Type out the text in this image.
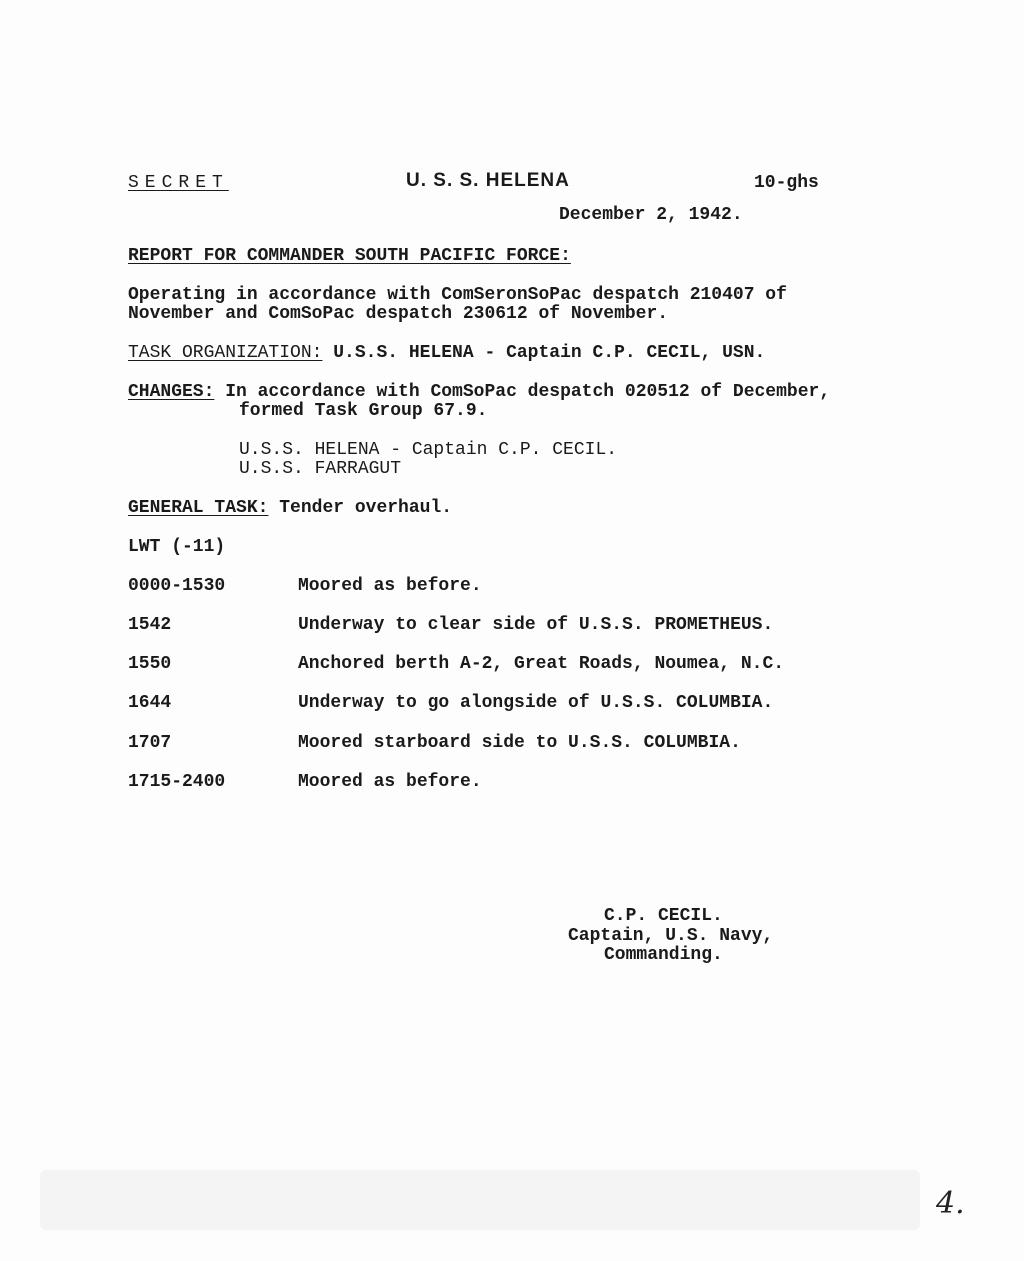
SECRET	U. S. S. HELENA	10-ghs
December 2, 1942.
REPORT FOR COMMANDER SOUTH PACIFIC FORCE:
Operating in accordance with ComSeronSoPac despatch 210407 of
November and ComSoPac despatch 230612 of November.
TASK ORGANIZATION: U.S.S. HELENA - Captain C.P. CECIL, USN.
CHANGES: In accordance with ComSoPac despatch 020512 of December,
formed Task Group 67.9.
U.S.S. HELENA - Captain C.P. CECIL.
U.S.S. FARRAGUT
GENERAL TASK: Tender overhaul.
LWT (-11)
0000-1530	Moored as before.
1542	Underway to clear side of U.S.S. PROMETHEUS.
1550	Anchored berth A-2, Great Roads, Noumea, N.C.
1644	Underway to go alongside of U.S.S. COLUMBIA.
1707	Moored starboard side to U.S.S. COLUMBIA.
1715-2400	Moored as before.
C.P. CECIL.
Captain, U.S. Navy,
Commanding.
4.
